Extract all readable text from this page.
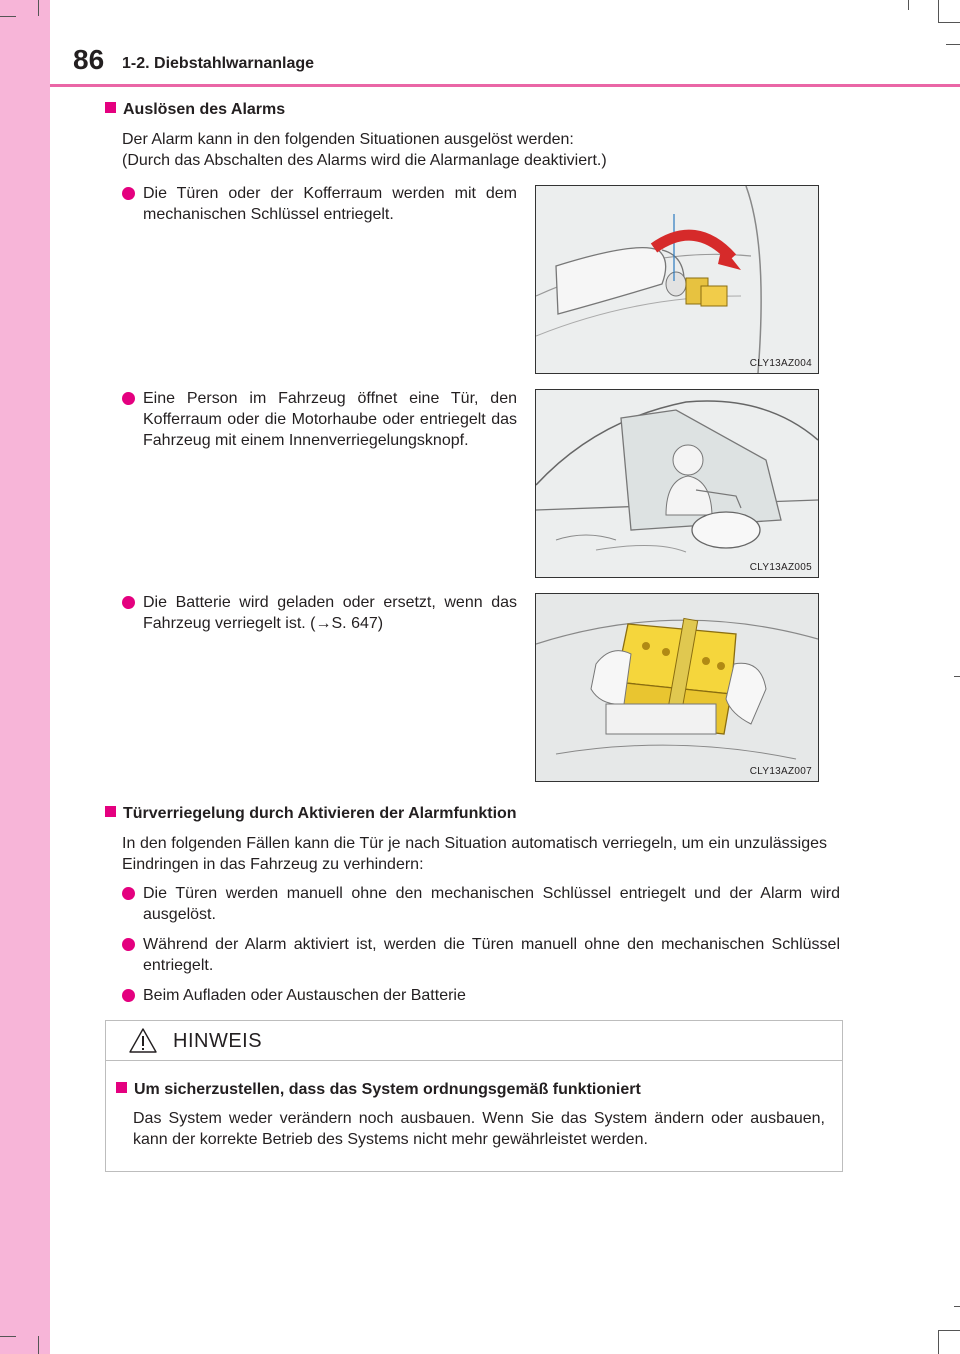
86 1-2. Diebstahlwarnanlage
Auslösen des Alarms
Der Alarm kann in den folgenden Situationen ausgelöst werden:
(Durch das Abschalten des Alarms wird die Alarmanlage deaktiviert.)
Die Türen oder der Kofferraum werden mit dem mechanischen Schlüssel entriegelt.
Eine Person im Fahrzeug öffnet eine Tür, den Kofferraum oder die Motorhaube oder entriegelt das Fahrzeug mit einem Innenverriegelungsknopf.
Die Batterie wird geladen oder ersetzt, wenn das Fahrzeug verriegelt ist. (→S. 647)
CLY13AZ004
CLY13AZ005
CLY13AZ007
Türverriegelung durch Aktivieren der Alarmfunktion
In den folgenden Fällen kann die Tür je nach Situation automatisch verriegeln, um ein unzulässiges Eindringen in das Fahrzeug zu verhindern:
Die Türen werden manuell ohne den mechanischen Schlüssel entriegelt und der Alarm wird ausgelöst.
Während der Alarm aktiviert ist, werden die Türen manuell ohne den mechanischen Schlüssel entriegelt.
Beim Aufladen oder Austauschen der Batterie
HINWEIS
Um sicherzustellen, dass das System ordnungsgemäß funktioniert
Das System weder verändern noch ausbauen. Wenn Sie das System ändern oder ausbauen, kann der korrekte Betrieb des Systems nicht mehr gewährleistet werden.
